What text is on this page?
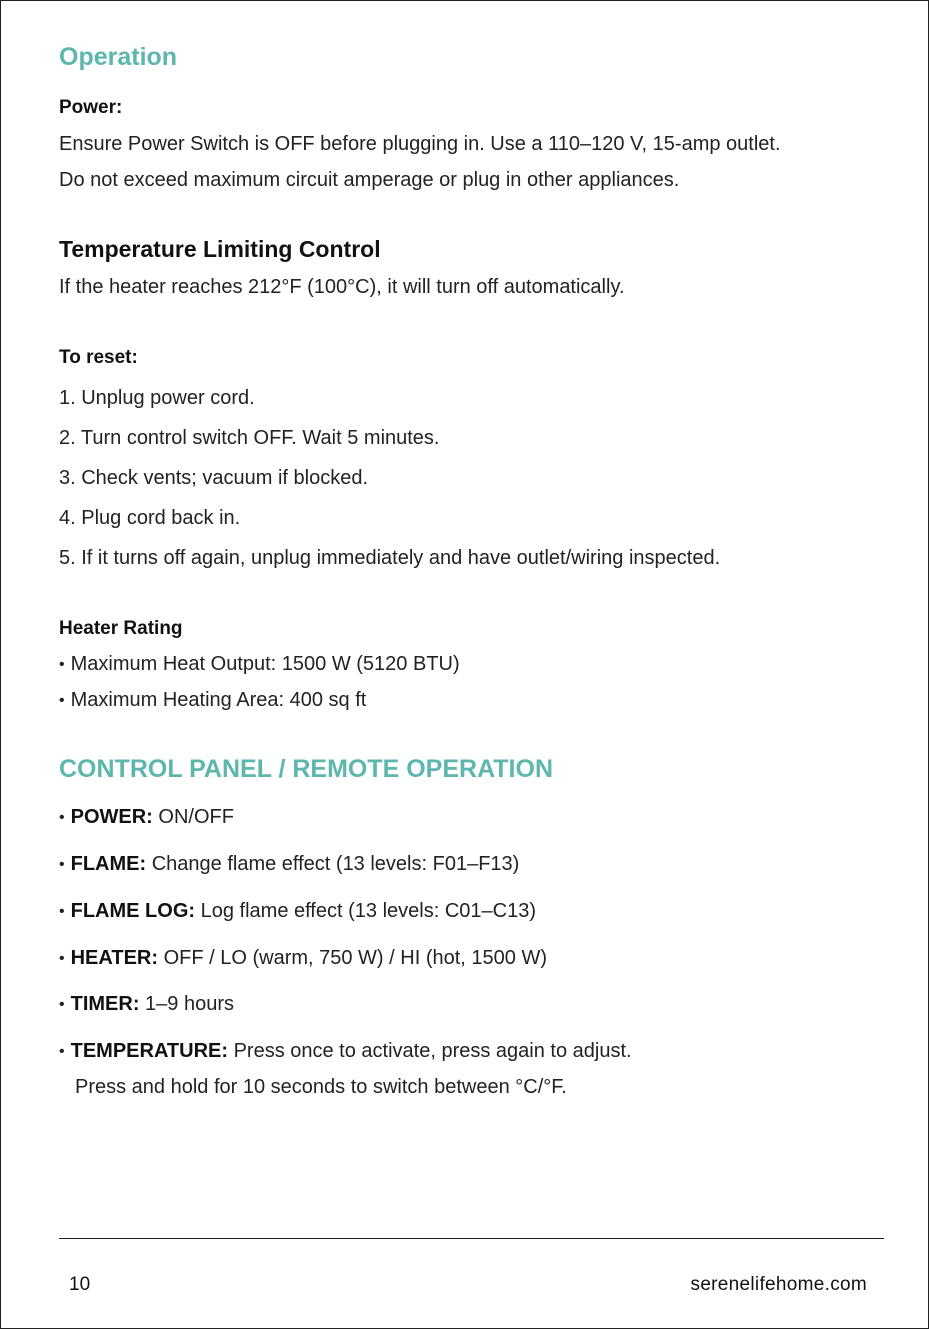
Operation
Power:
Ensure Power Switch is OFF before plugging in. Use a 110–120 V, 15-amp outlet.
Do not exceed maximum circuit amperage or plug in other appliances.
Temperature Limiting Control
If the heater reaches 212°F (100°C), it will turn off automatically.
To reset:
1. Unplug power cord.
2. Turn control switch OFF. Wait 5 minutes.
3. Check vents; vacuum if blocked.
4. Plug cord back in.
5. If it turns off again, unplug immediately and have outlet/wiring inspected.
Heater Rating
• Maximum Heat Output: 1500 W (5120 BTU)
• Maximum Heating Area: 400 sq ft
CONTROL PANEL / REMOTE OPERATION
• POWER: ON/OFF
• FLAME: Change flame effect (13 levels: F01–F13)
• FLAME LOG: Log flame effect (13 levels: C01–C13)
• HEATER: OFF / LO (warm, 750 W) / HI (hot, 1500 W)
• TIMER: 1–9 hours
• TEMPERATURE: Press once to activate, press again to adjust.
Press and hold for 10 seconds to switch between °C/°F.
10	serenelifehome.com
